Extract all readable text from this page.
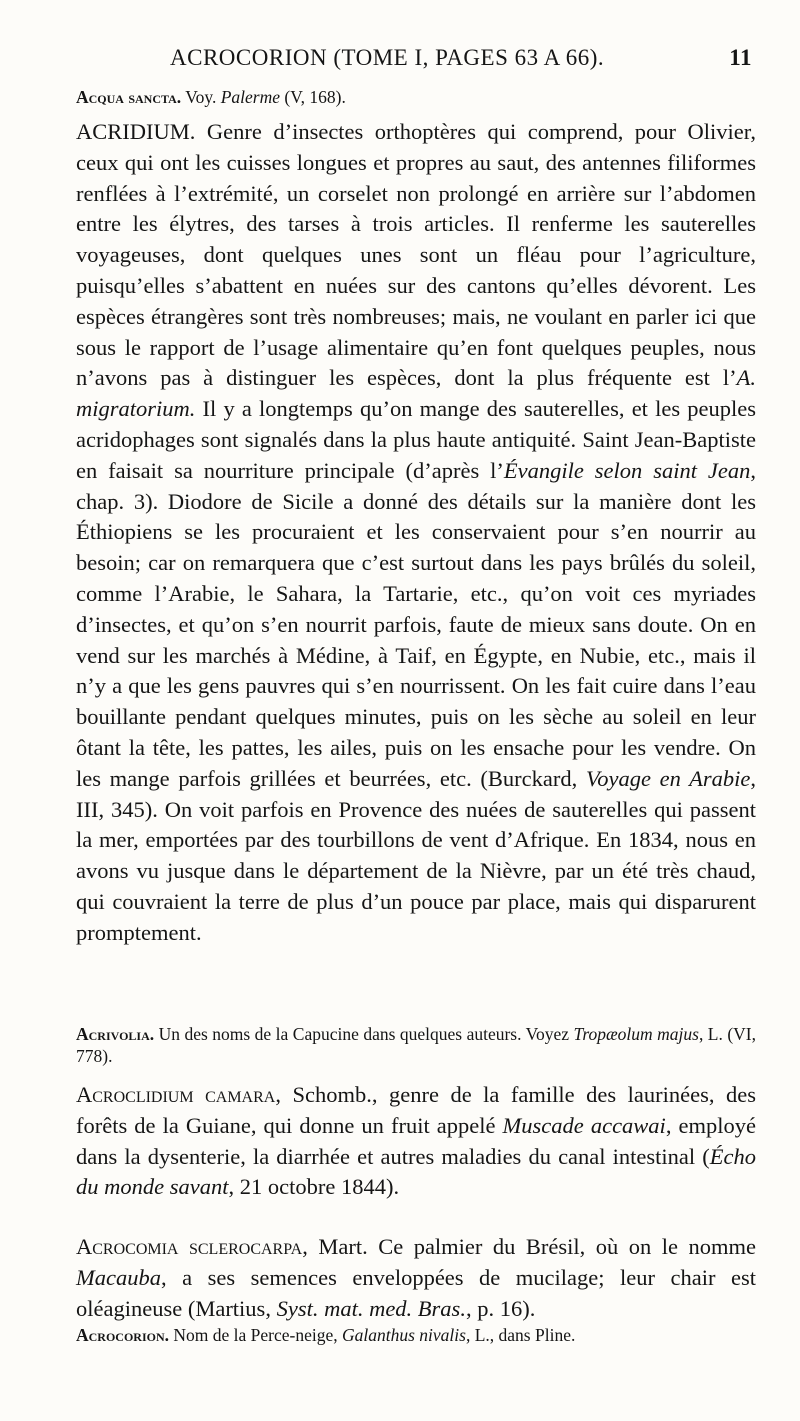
ACROCORION (TOME I, PAGES 63 A 66).	11

Acqua sancta. Voy. Palerme (V, 168).

ACRIDIUM. Genre d’insectes orthoptères qui comprend, pour Olivier, ceux qui ont les cuisses longues et propres au saut, des antennes filiformes renflées à l’extrémité, un corselet non prolongé en arrière sur l’abdomen entre les élytres, des tarses à trois articles. Il renferme les sauterelles voyageuses, dont quelques unes sont un fléau pour l’agriculture, puisqu’elles s’abattent en nuées sur des cantons qu’elles dévorent. Les espèces étrangères sont très nombreuses; mais, ne voulant en parler ici que sous le rapport de l’usage alimentaire qu’en font quelques peuples, nous n’avons pas à distinguer les espèces, dont la plus fréquente est l’A. migratorium. Il y a longtemps qu’on mange des sauterelles, et les peuples acridophages sont signalés dans la plus haute antiquité. Saint Jean-Baptiste en faisait sa nourriture principale (d’après l’Évangile selon saint Jean, chap. 3). Diodore de Sicile a donné des détails sur la manière dont les Éthiopiens se les procuraient et les conservaient pour s’en nourrir au besoin; car on remarquera que c’est surtout dans les pays brûlés du soleil, comme l’Arabie, le Sahara, la Tartarie, etc., qu’on voit ces myriades d’insectes, et qu’on s’en nourrit parfois, faute de mieux sans doute. On en vend sur les marchés à Médine, à Taif, en Égypte, en Nubie, etc., mais il n’y a que les gens pauvres qui s’en nourrissent. On les fait cuire dans l’eau bouillante pendant quelques minutes, puis on les sèche au soleil en leur ôtant la tête, les pattes, les ailes, puis on les ensache pour les vendre. On les mange parfois grillées et beurrées, etc. (Burckard, Voyage en Arabie, III, 345). On voit parfois en Provence des nuées de sauterelles qui passent la mer, emportées par des tourbillons de vent d’Afrique. En 1834, nous en avons vu jusque dans le département de la Nièvre, par un été très chaud, qui couvraient la terre de plus d’un pouce par place, mais qui disparurent promptement.

Acrivolia. Un des noms de la Capucine dans quelques auteurs. Voyez Tropæolum majus, L. (VI, 778).

Acroclidium camara, Schomb., genre de la famille des laurinées, des forêts de la Guiane, qui donne un fruit appelé Muscade accawai, employé dans la dysenterie, la diarrhée et autres maladies du canal intestinal (Écho du monde savant, 21 octobre 1844).

Acrocomia sclerocarpa, Mart. Ce palmier du Brésil, où on le nomme Macauba, a ses semences enveloppées de mucilage; leur chair est oléagineuse (Martius, Syst. mat. med. Bras., p. 16).

Acrocorion. Nom de la Perce-neige, Galanthus nivalis, L., dans Pline.
